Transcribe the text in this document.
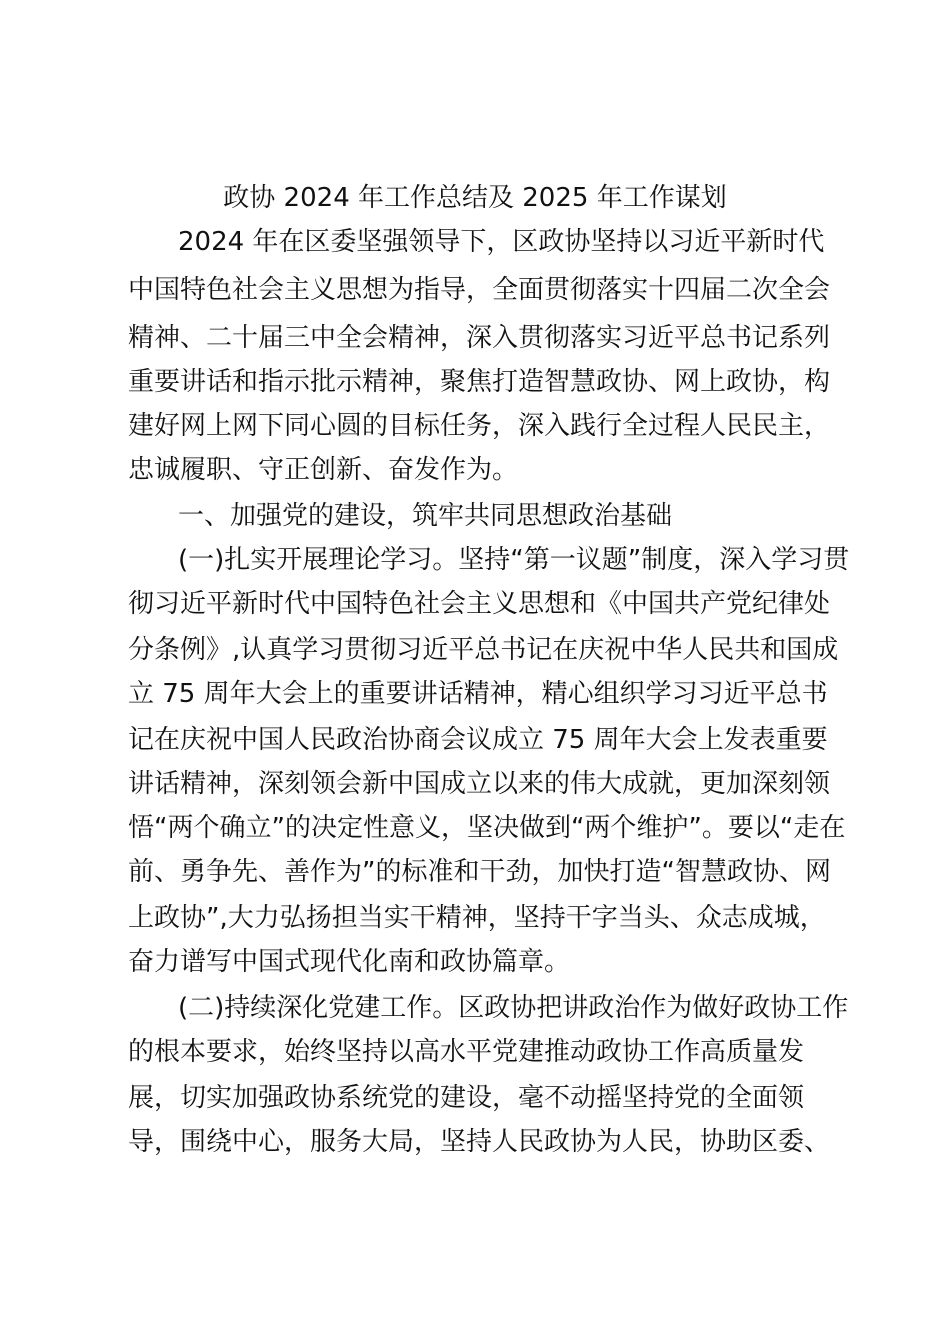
政协 2024 年工作总结及 2025 年工作谋划
2024 年在区委坚强领导下，区政协坚持以习近平新时代
中国特色社会主义思想为指导，全面贯彻落实十四届二次全会
精神、二十届三中全会精神，深入贯彻落实习近平总书记系列
重要讲话和指示批示精神，聚焦打造智慧政协、网上政协，构
建好网上网下同心圆的目标任务，深入践行全过程人民民主，
忠诚履职、守正创新、奋发作为。
一、加强党的建设，筑牢共同思想政治基础
(一)扎实开展理论学习。坚持“第一议题”制度，深入学习贯
彻习近平新时代中国特色社会主义思想和《中国共产党纪律处
分条例》,认真学习贯彻习近平总书记在庆祝中华人民共和国成
立 75 周年大会上的重要讲话精神，精心组织学习习近平总书
记在庆祝中国人民政治协商会议成立 75 周年大会上发表重要
讲话精神，深刻领会新中国成立以来的伟大成就，更加深刻领
悟“两个确立”的决定性意义，坚决做到“两个维护”。要以“走在
前、勇争先、善作为”的标准和干劲，加快打造“智慧政协、网
上政协”,大力弘扬担当实干精神，坚持干字当头、众志成城，
奋力谱写中国式现代化南和政协篇章。
(二)持续深化党建工作。区政协把讲政治作为做好政协工作
的根本要求，始终坚持以高水平党建推动政协工作高质量发
展，切实加强政协系统党的建设，毫不动摇坚持党的全面领
导，围绕中心，服务大局，坚持人民政协为人民，协助区委、
